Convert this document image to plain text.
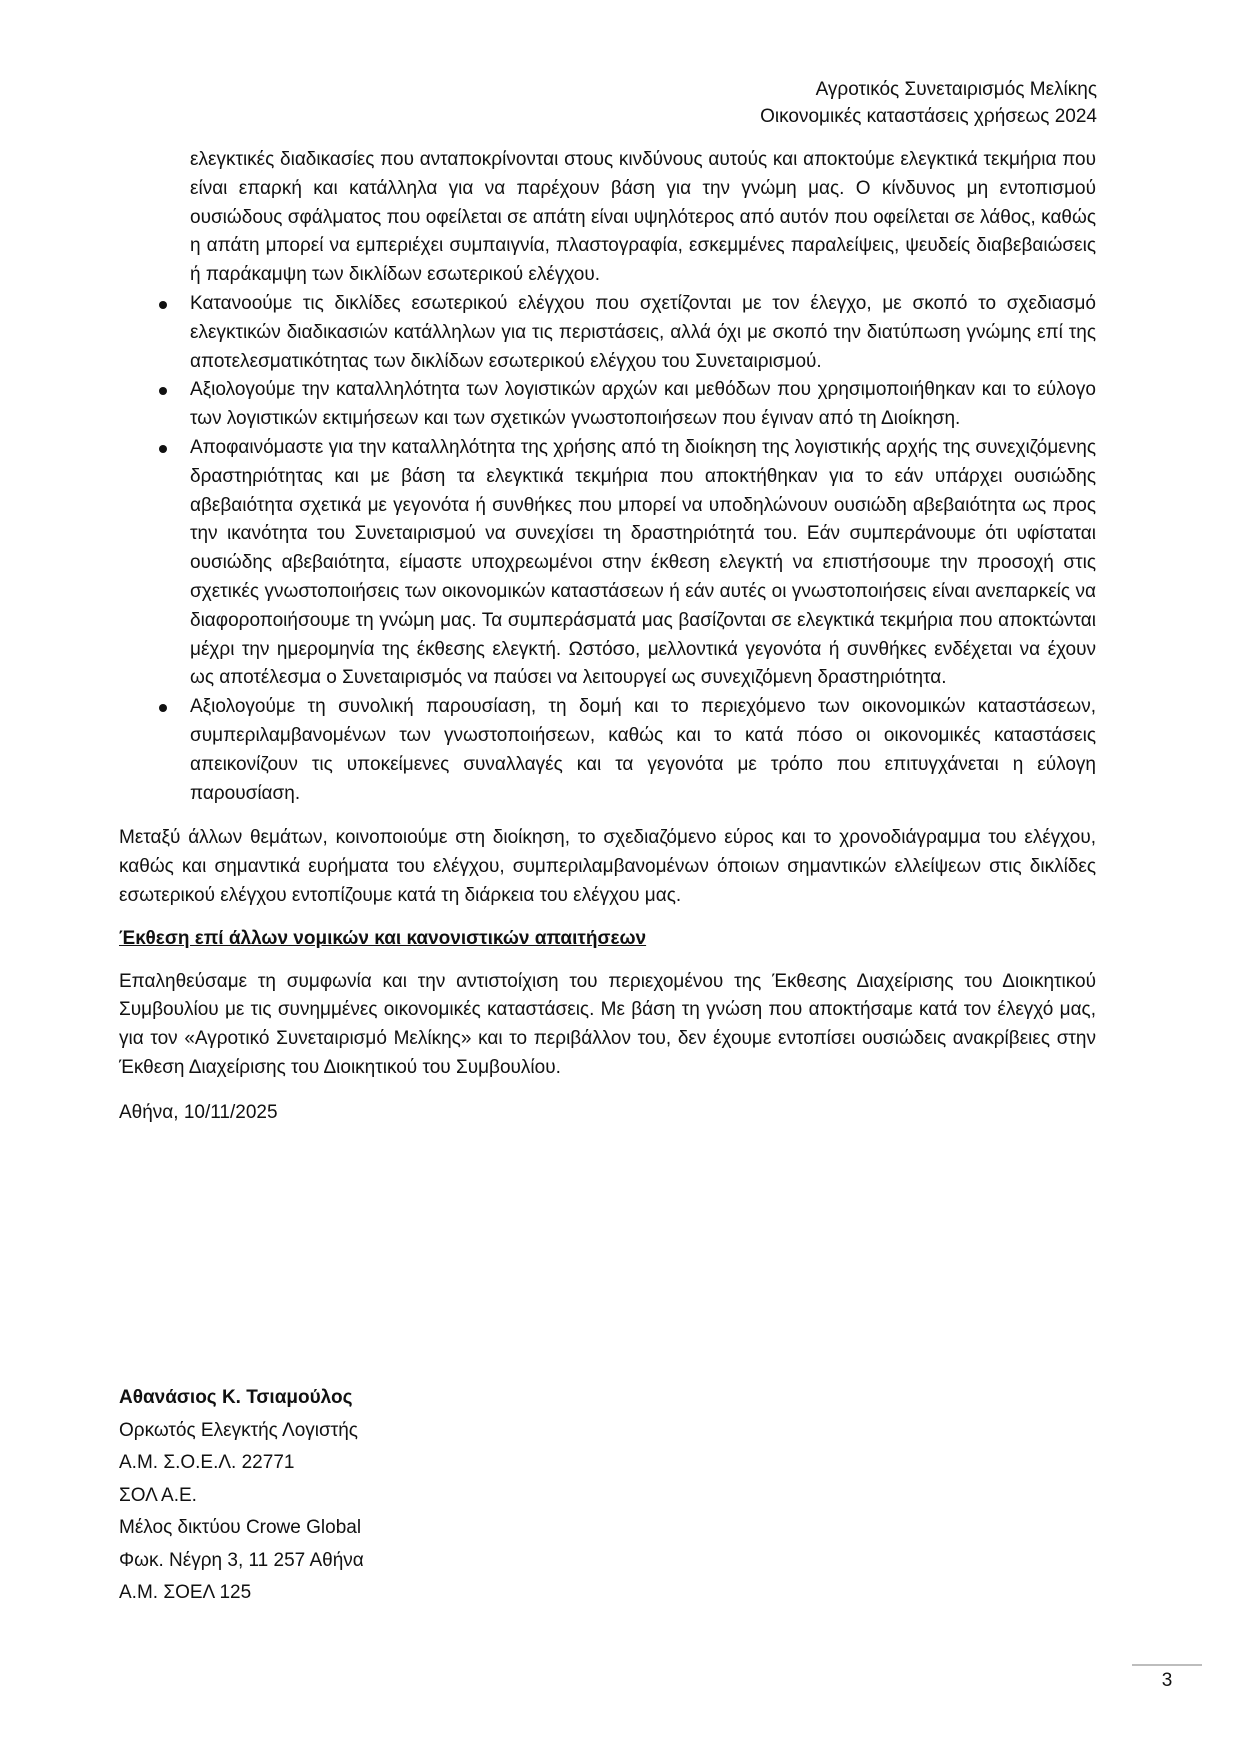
Αγροτικός Συνεταιρισμός Μελίκης
Οικονομικές καταστάσεις χρήσεως 2024

ελεγκτικές διαδικασίες που ανταποκρίνονται στους κινδύνους αυτούς και αποκτούμε ελεγκτικά τεκμήρια που είναι επαρκή και κατάλληλα για να παρέχουν βάση για την γνώμη μας. Ο κίνδυνος μη εντοπισμού ουσιώδους σφάλματος που οφείλεται σε απάτη είναι υψηλότερος από αυτόν που οφείλεται σε λάθος, καθώς η απάτη μπορεί να εμπεριέχει συμπαιγνία, πλαστογραφία, εσκεμμένες παραλείψεις, ψευδείς διαβεβαιώσεις ή παράκαμψη των δικλίδων εσωτερικού ελέγχου.

Κατανοούμε τις δικλίδες εσωτερικού ελέγχου που σχετίζονται με τον έλεγχο, με σκοπό το σχεδιασμό ελεγκτικών διαδικασιών κατάλληλων για τις περιστάσεις, αλλά όχι με σκοπό την διατύπωση γνώμης επί της αποτελεσματικότητας των δικλίδων εσωτερικού ελέγχου του Συνεταιρισμού.
Αξιολογούμε την καταλληλότητα των λογιστικών αρχών και μεθόδων που χρησιμοποιήθηκαν και το εύλογο των λογιστικών εκτιμήσεων και των σχετικών γνωστοποιήσεων που έγιναν από τη Διοίκηση.
Αποφαινόμαστε για την καταλληλότητα της χρήσης από τη διοίκηση της λογιστικής αρχής της συνεχιζόμενης δραστηριότητας και με βάση τα ελεγκτικά τεκμήρια που αποκτήθηκαν για το εάν υπάρχει ουσιώδης αβεβαιότητα σχετικά με γεγονότα ή συνθήκες που μπορεί να υποδηλώνουν ουσιώδη αβεβαιότητα ως προς την ικανότητα του Συνεταιρισμού να συνεχίσει τη δραστηριότητά του. Εάν συμπεράνουμε ότι υφίσταται ουσιώδης αβεβαιότητα, είμαστε υποχρεωμένοι στην έκθεση ελεγκτή να επιστήσουμε την προσοχή στις σχετικές γνωστοποιήσεις των οικονομικών καταστάσεων ή εάν αυτές οι γνωστοποιήσεις είναι ανεπαρκείς να διαφοροποιήσουμε τη γνώμη μας. Τα συμπεράσματά μας βασίζονται σε ελεγκτικά τεκμήρια που αποκτώνται μέχρι την ημερομηνία της έκθεσης ελεγκτή. Ωστόσο, μελλοντικά γεγονότα ή συνθήκες ενδέχεται να έχουν ως αποτέλεσμα ο Συνεταιρισμός να παύσει να λειτουργεί ως συνεχιζόμενη δραστηριότητα.
Αξιολογούμε τη συνολική παρουσίαση, τη δομή και το περιεχόμενο των οικονομικών καταστάσεων, συμπεριλαμβανομένων των γνωστοποιήσεων, καθώς και το κατά πόσο οι οικονομικές καταστάσεις απεικονίζουν τις υποκείμενες συναλλαγές και τα γεγονότα με τρόπο που επιτυγχάνεται η εύλογη παρουσίαση.

Μεταξύ άλλων θεμάτων, κοινοποιούμε στη διοίκηση, το σχεδιαζόμενο εύρος και το χρονοδιάγραμμα του ελέγχου, καθώς και σημαντικά ευρήματα του ελέγχου, συμπεριλαμβανομένων όποιων σημαντικών ελλείψεων στις δικλίδες εσωτερικού ελέγχου εντοπίζουμε κατά τη διάρκεια του ελέγχου μας.

Έκθεση επί άλλων νομικών και κανονιστικών απαιτήσεων

Επαληθεύσαμε τη συμφωνία και την αντιστοίχιση του περιεχομένου της Έκθεσης Διαχείρισης του Διοικητικού Συμβουλίου με τις συνημμένες οικονομικές καταστάσεις. Με βάση τη γνώση που αποκτήσαμε κατά τον έλεγχό μας, για τον «Αγροτικό Συνεταιρισμό Μελίκης» και το περιβάλλον του, δεν έχουμε εντοπίσει ουσιώδεις ανακρίβειες στην Έκθεση Διαχείρισης του Διοικητικού του Συμβουλίου.

Αθήνα, 10/11/2025

Αθανάσιος Κ. Τσιαμούλος
Ορκωτός Ελεγκτής Λογιστής
Α.Μ. Σ.Ο.Ε.Λ. 22771
ΣΟΛ Α.Ε.
Μέλος δικτύου Crowe Global
Φωκ. Νέγρη 3, 11 257 Αθήνα
Α.Μ. ΣΟΕΛ 125
3
